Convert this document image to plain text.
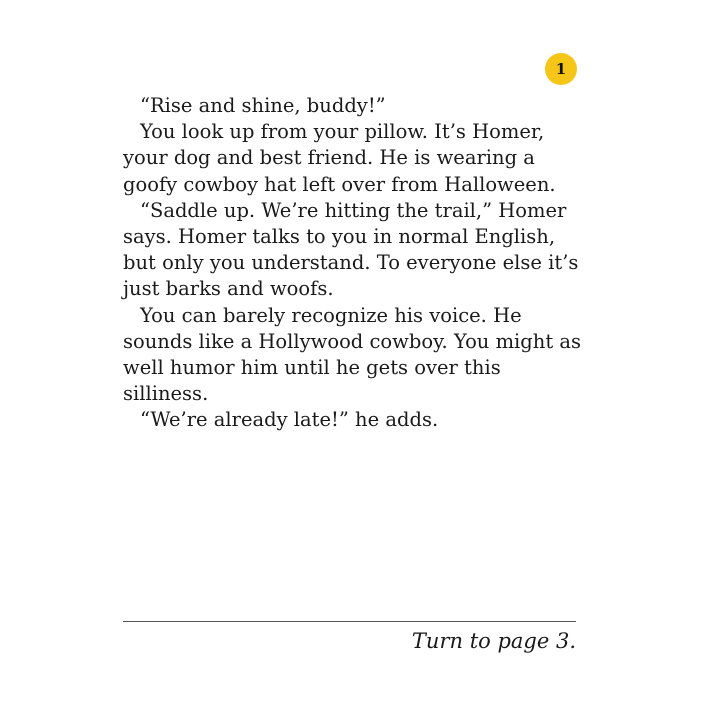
1

“Rise and shine, buddy!”

You look up from your pillow. It’s Homer, your dog and best friend. He is wearing a goofy cowboy hat left over from Halloween.

“Saddle up. We’re hitting the trail,” Homer says. Homer talks to you in normal English, but only you understand. To everyone else it’s just barks and woofs.

You can barely recognize his voice. He sounds like a Hollywood cowboy. You might as well humor him until he gets over this silliness.

“We’re already late!” he adds.

Turn to page 3.
